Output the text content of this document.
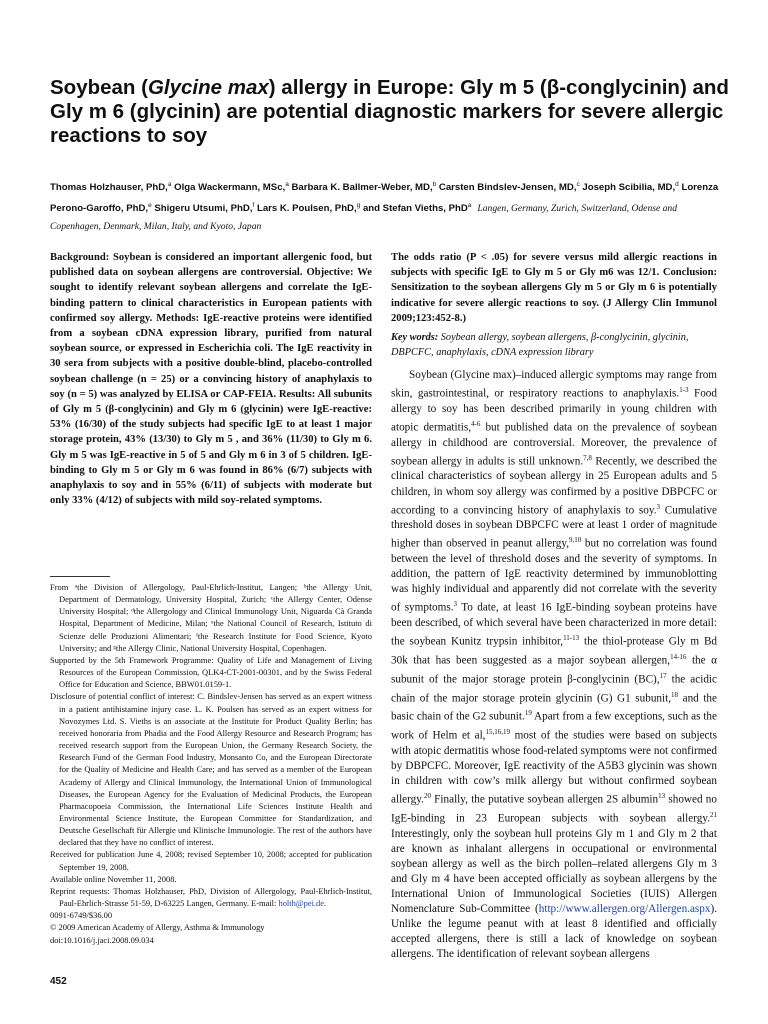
Soybean (Glycine max) allergy in Europe: Gly m 5 (β-conglycinin) and Gly m 6 (glycinin) are potential diagnostic markers for severe allergic reactions to soy

Thomas Holzhauser, PhD,$^a$ Olga Wackermann, MSc,$^a$ Barbara K. Ballmer-Weber, MD,$^b$ Carsten Bindslev-Jensen, MD,$^c$ Joseph Scibilia, MD,$^d$ Lorenza Perono-Garoffo, PhD,$^e$ Shigeru Utsumi, PhD,$^f$ Lars K. Poulsen, PhD,$^g$ and Stefan Vieths, PhD$^a$ Langen, Germany, Zurich, Switzerland, Odense and Copenhagen, Denmark, Milan, Italy, and Kyoto, Japan

Background: Soybean is considered an important allergenic food, but published data on soybean allergens are controversial. Objective: We sought to identify relevant soybean allergens and correlate the IgE-binding pattern to clinical characteristics in European patients with confirmed soy allergy. Methods: IgE-reactive proteins were identified from a soybean cDNA expression library, purified from natural soybean source, or expressed in Escherichia coli. The IgE reactivity in 30 sera from subjects with a positive double-blind, placebo-controlled soybean challenge (n = 25) or a convincing history of anaphylaxis to soy (n = 5) was analyzed by ELISA or CAP-FEIA. Results: All subunits of Gly m 5 (β-conglycinin) and Gly m 6 (glycinin) were IgE-reactive: 53% (16/30) of the study subjects had specific IgE to at least 1 major storage protein, 43% (13/30) to Gly m 5 , and 36% (11/30) to Gly m 6. Gly m 5 was IgE-reactive in 5 of 5 and Gly m 6 in 3 of 5 children. IgE-binding to Gly m 5 or Gly m 6 was found in 86% (6/7) subjects with anaphylaxis to soy and in 55% (6/11) of subjects with moderate but only 33% (4/12) of subjects with mild soy-related symptoms.

The odds ratio (P < .05) for severe versus mild allergic reactions in subjects with specific IgE to Gly m 5 or Gly m6 was 12/1. Conclusion: Sensitization to the soybean allergens Gly m 5 or Gly m 6 is potentially indicative for severe allergic reactions to soy. (J Allergy Clin Immunol 2009;123:452-8.)

Key words: Soybean allergy, soybean allergens, β-conglycinin, glycinin, DBPCFC, anaphylaxis, cDNA expression library

Soybean (Glycine max)–induced allergic symptoms may range from skin, gastrointestinal, or respiratory reactions to anaphylaxis.$^{1-3}$ Food allergy to soy has been described primarily in young children with atopic dermatitis,$^{4-6}$ but published data on the prevalence of soybean allergy in childhood are controversial. Moreover, the prevalence of soybean allergy in adults is still unknown.$^{7,8}$ Recently, we described the clinical characteristics of soybean allergy in 25 European adults and 5 children, in whom soy allergy was confirmed by a positive DBPCFC or according to a convincing history of anaphylaxis to soy.$^3$ Cumulative threshold doses in soybean DBPCFC were at least 1 order of magnitude higher than observed in peanut allergy,$^{9,10}$ but no correlation was found between the level of threshold doses and the severity of symptoms. In addition, the pattern of IgE reactivity determined by immunoblotting was highly individual and apparently did not correlate with the severity of symptoms.$^3$ To date, at least 16 IgE-binding soybean proteins have been described, of which several have been characterized in more detail: the soybean Kunitz trypsin inhibitor,$^{11-13}$ the thiol-protease Gly m Bd 30k that has been suggested as a major soybean allergen,$^{14-16}$ the α subunit of the major storage protein β-conglycinin (BC),$^{17}$ the acidic chain of the major storage protein glycinin (G) G1 subunit,$^{18}$ and the basic chain of the G2 subunit.$^{19}$ Apart from a few exceptions, such as the work of Helm et al,$^{15,16,19}$ most of the studies were based on subjects with atopic dermatitis whose food-related symptoms were not confirmed by DBPCFC. Moreover, IgE reactivity of the A5B3 glycinin was shown in children with cow’s milk allergy but without confirmed soybean allergy.$^{20}$ Finally, the putative soybean allergen 2S albumin$^{13}$ showed no IgE-binding in 23 European subjects with soybean allergy.$^{21}$ Interestingly, only the soybean hull proteins Gly m 1 and Gly m 2 that are known as inhalant allergens in occupational or environmental soybean allergy as well as the birch pollen–related allergens Gly m 3 and Gly m 4 have been accepted officially as soybean allergens by the International Union of Immunological Societies (IUIS) Allergen Nomenclature Sub-Committee (http://www.allergen.org/Allergen.aspx). Unlike the legume peanut with at least 8 identified and officially accepted allergens, there is still a lack of knowledge on soybean allergens. The identification of relevant soybean allergens

From ᵃthe Division of Allergology, Paul-Ehrlich-Institut, Langen; ᵇthe Allergy Unit, Department of Dermatology, University Hospital, Zurich; ᶜthe Allergy Center, Odense University Hospital; ᵈthe Allergology and Clinical Immunology Unit, Niguarda Cà Granda Hospital, Department of Medicine, Milan; ᵉthe National Council of Research, Istituto di Scienze delle Produzioni Alimentari; ᶠthe Research Institute for Food Science, Kyoto University; and ᵍthe Allergy Clinic, National University Hospital, Copenhagen.

Supported by the 5th Framework Programme: Quality of Life and Management of Living Resources of the European Commission, QLK4-CT-2001-00301, and by the Swiss Federal Office for Education and Science, BBW01.0159-1.

Disclosure of potential conflict of interest: C. Bindslev-Jensen has served as an expert witness in a patient antihistamine injury case. L. K. Poulsen has served as an expert witness for Novozymes Ltd. S. Vieths is an associate at the Institute for Product Quality Berlin; has received honoraria from Phadia and the Food Allergy Resource and Research Program; has received research support from the European Union, the Germany Research Society, the Research Fund of the German Food Industry, Monsanto Co, and the European Directorate for the Quality of Medicine and Health Care; and has served as a member of the European Academy of Allergy and Clinical Immunology, the International Union of Immunological Diseases, the European Agency for the Evaluation of Medicinal Products, the European Pharmacopoeia Commission, the International Life Sciences Institute Health and Environmental Science Institute, the European Committee for Standardization, and Deutsche Gesellschaft für Allergie und Klinische Immunologie. The rest of the authors have declared that they have no conflict of interest.

Received for publication June 4, 2008; revised September 10, 2008; accepted for publication September 19, 2008.

Available online November 11, 2008.

Reprint requests: Thomas Holzhauser, PhD, Division of Allergology, Paul-Ehrlich-Institut, Paul-Ehrlich-Strasse 51-59, D-63225 Langen, Germany. E-mail: holth@pei.de.

0091-6749/$36.00

© 2009 American Academy of Allergy, Asthma & Immunology

doi:10.1016/j.jaci.2008.09.034

452
